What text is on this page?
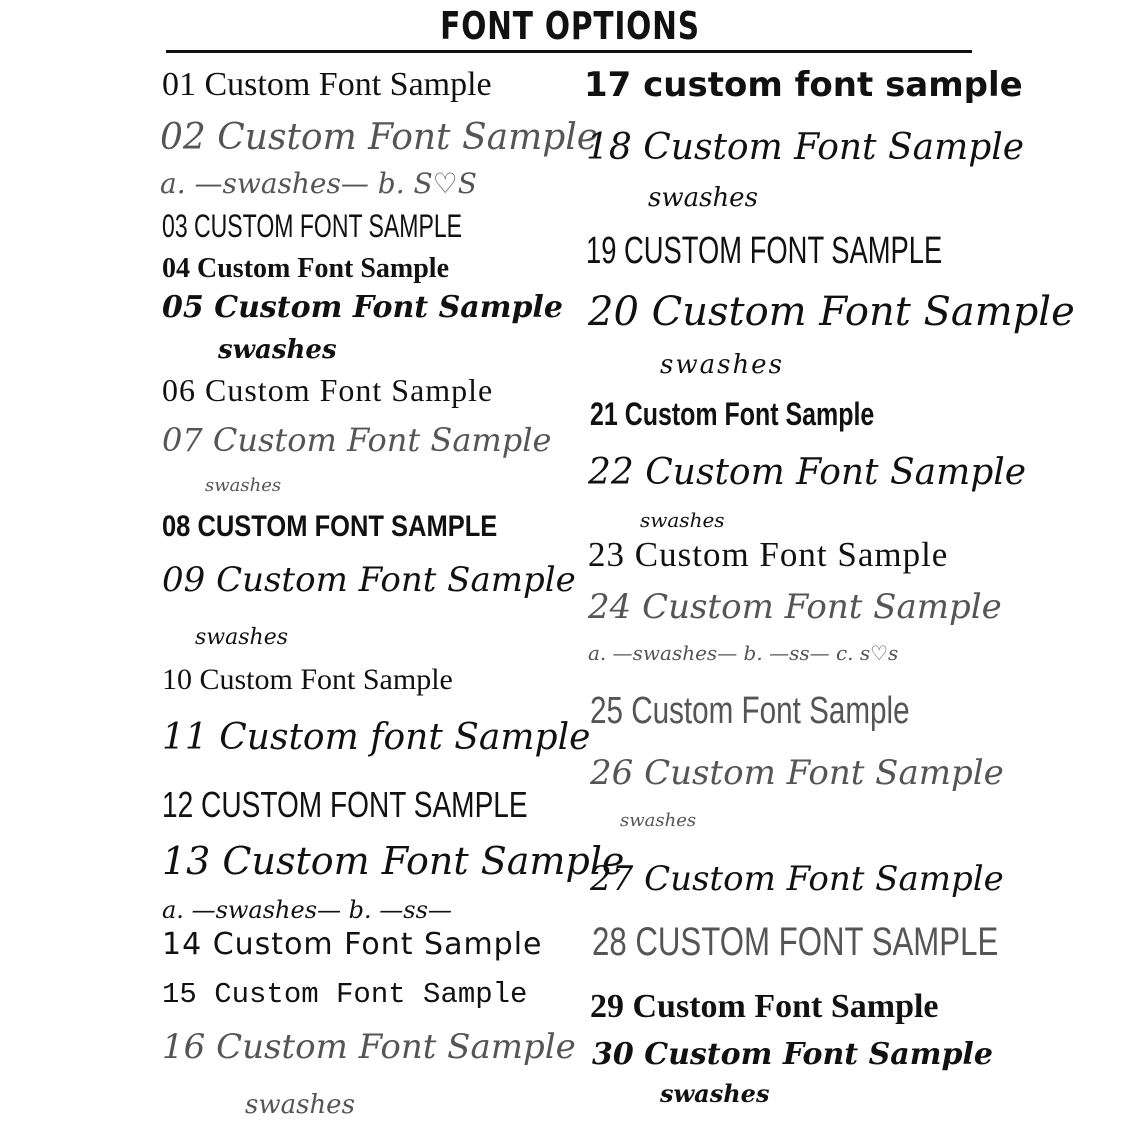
FONT OPTIONS
01 Custom Font Sample
02 Custom Font Sample
a. —swashes— b. S♡S
03 CUSTOM FONT SAMPLE
04 Custom Font Sample
05 Custom Font Sample
swashes
06 Custom Font Sample
07 Custom Font Sample
swashes
08 CUSTOM FONT SAMPLE
09 Custom Font Sample
swashes
10 Custom Font Sample
11 Custom font Sample
12 CUSTOM FONT SAMPLE
13 Custom Font Sample
a. —swashes— b. —ss—
14 Custom Font Sample
15 Custom Font Sample
16 Custom Font Sample
swashes
17 custom font sample
18 Custom Font Sample
swashes
19 CUSTOM FONT SAMPLE
20 Custom Font Sample
swashes
21 Custom Font Sample
22 Custom Font Sample
swashes
23 Custom Font Sample
24 Custom Font Sample
a. —swashes— b. —ss— c. s♡s
25 Custom Font Sample
26 Custom Font Sample
swashes
27 Custom Font Sample
28 CUSTOM FONT SAMPLE
29 Custom Font Sample
30 Custom Font Sample
swashes
